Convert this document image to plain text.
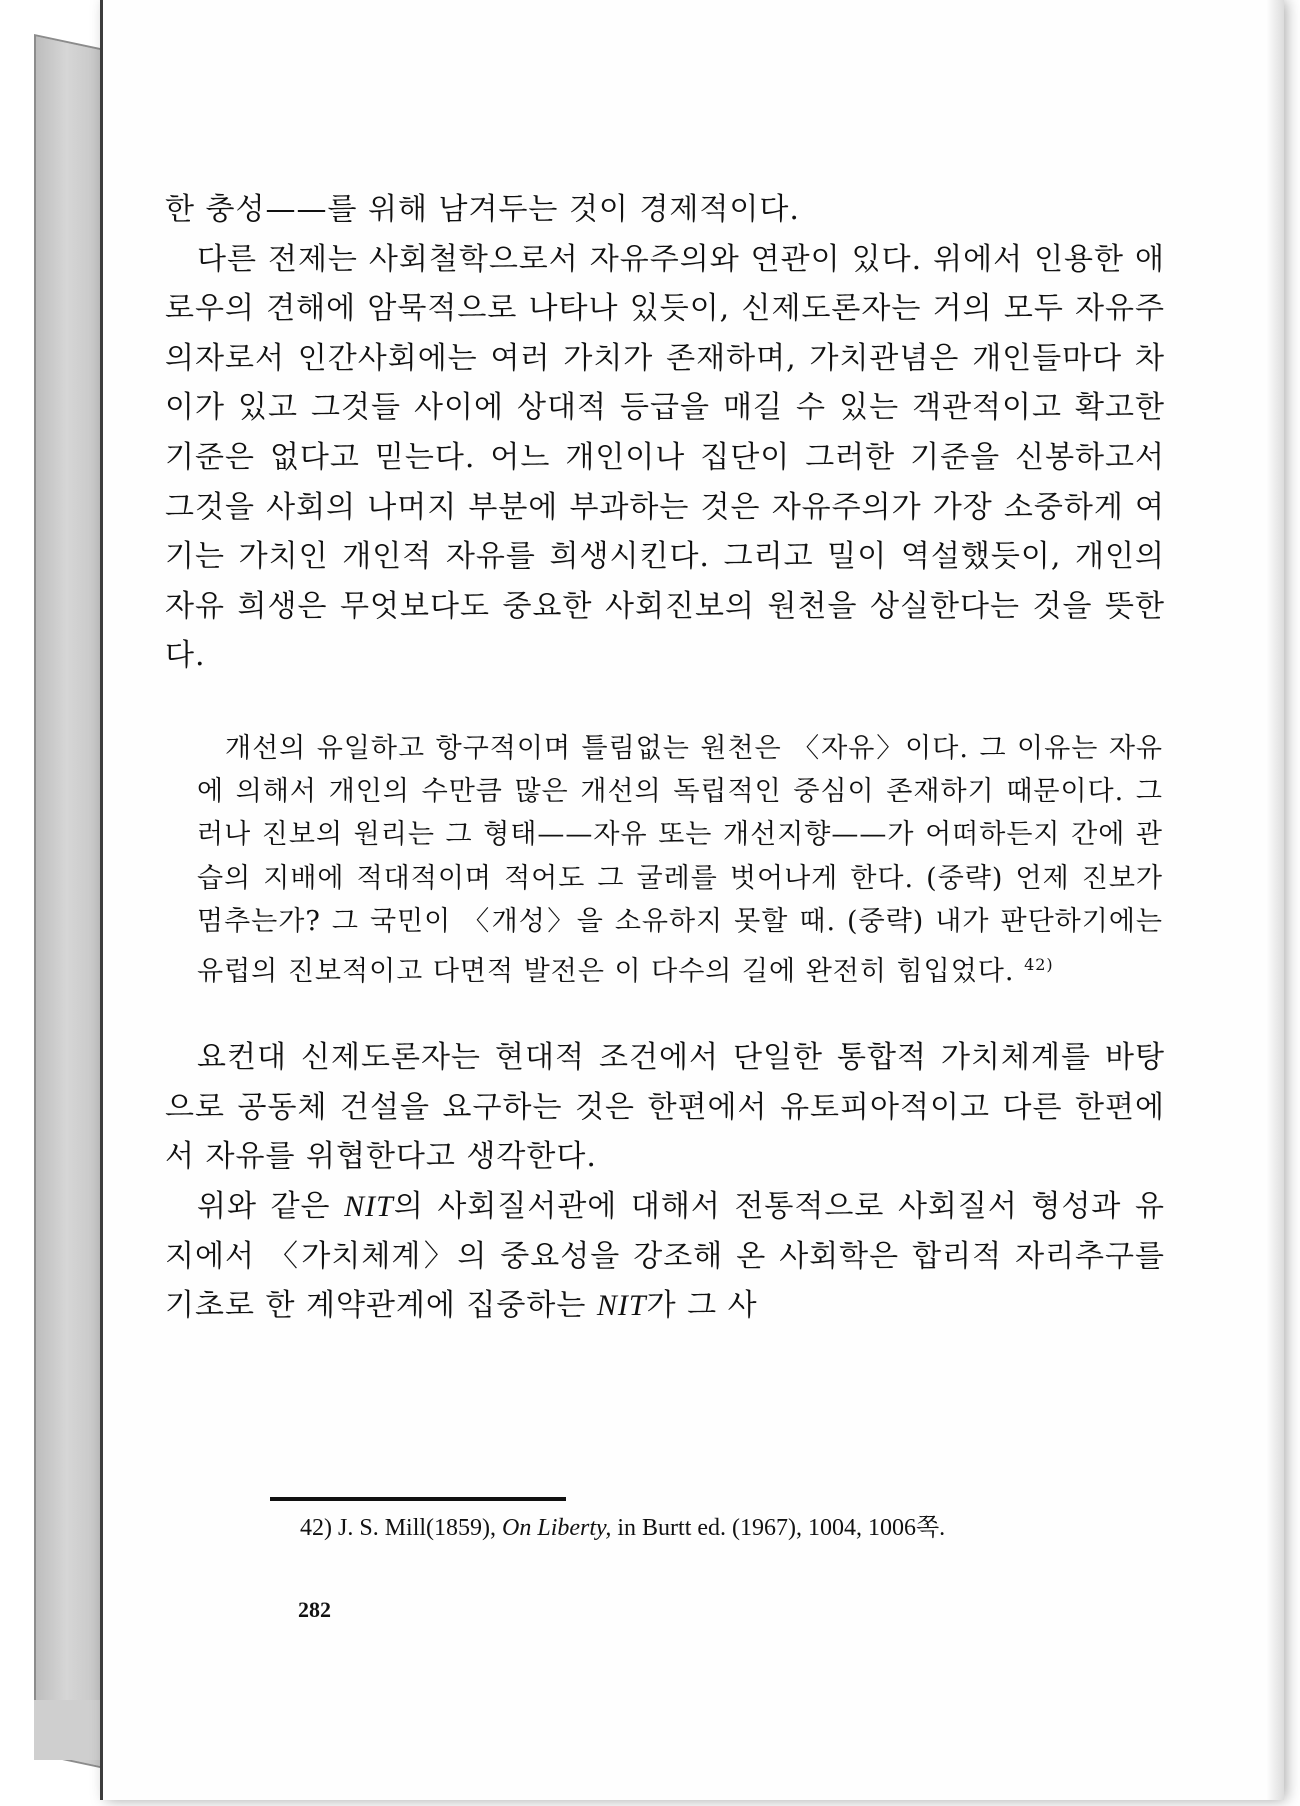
한 충성——를 위해 남겨두는 것이 경제적이다.

다른 전제는 사회철학으로서 자유주의와 연관이 있다. 위에서 인용한 애로우의 견해에 암묵적으로 나타나 있듯이, 신제도론자는 거의 모두 자유주의자로서 인간사회에는 여러 가치가 존재하며, 가치관념은 개인들마다 차이가 있고 그것들 사이에 상대적 등급을 매길 수 있는 객관적이고 확고한 기준은 없다고 믿는다. 어느 개인이나 집단이 그러한 기준을 신봉하고서 그것을 사회의 나머지 부분에 부과하는 것은 자유주의가 가장 소중하게 여기는 가치인 개인적 자유를 희생시킨다. 그리고 밀이 역설했듯이, 개인의 자유 희생은 무엇보다도 중요한 사회진보의 원천을 상실한다는 것을 뜻한다.

개선의 유일하고 항구적이며 틀림없는 원천은 〈자유〉이다. 그 이유는 자유에 의해서 개인의 수만큼 많은 개선의 독립적인 중심이 존재하기 때문이다. 그러나 진보의 원리는 그 형태——자유 또는 개선지향——가 어떠하든지 간에 관습의 지배에 적대적이며 적어도 그 굴레를 벗어나게 한다. (중략) 언제 진보가 멈추는가? 그 국민이 〈개성〉을 소유하지 못할 때. (중략) 내가 판단하기에는 유럽의 진보적이고 다면적 발전은 이 다수의 길에 완전히 힘입었다. $^{42)}$

요컨대 신제도론자는 현대적 조건에서 단일한 통합적 가치체계를 바탕으로 공동체 건설을 요구하는 것은 한편에서 유토피아적이고 다른 한편에서 자유를 위협한다고 생각한다.

위와 같은 NIT의 사회질서관에 대해서 전통적으로 사회질서 형성과 유지에서 〈가치체계〉의 중요성을 강조해 온 사회학은 합리적 자리추구를 기초로 한 계약관계에 집중하는 NIT가 그 사

42) J. S. Mill(1859), On Liberty, in Burtt ed. (1967), 1004, 1006쪽.

282
